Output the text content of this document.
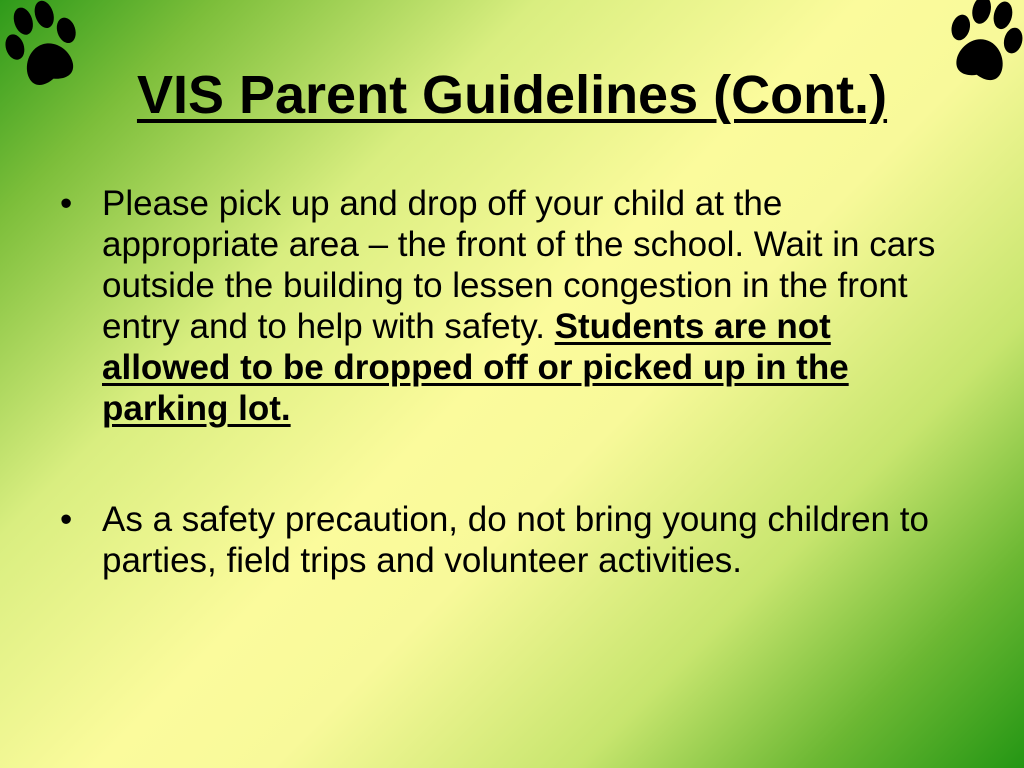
VIS Parent Guidelines (Cont.)
• Please pick up and drop off your child at the appropriate area – the front of the school. Wait in cars outside the building to lessen congestion in the front entry and to help with safety. Students are not allowed to be dropped off or picked up in the parking lot.
• As a safety precaution, do not bring young children to parties, field trips and volunteer activities.
